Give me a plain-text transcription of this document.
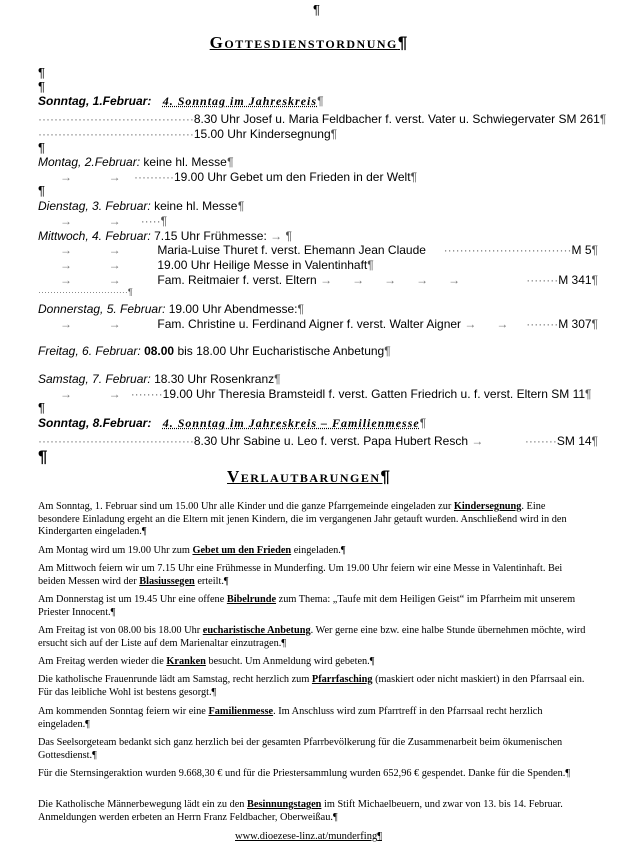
¶
Gottesdienstordnung¶
¶
¶
Sonntag, 1.Februar: 4. Sonntag im Jahreskreis¶
·······································8.30 Uhr Josef u. Maria Feldbacher f. verst. Vater u. Schwiegervater SM 261¶
·······································15.00 Uhr Kindersegnung¶
¶
Montag, 2.Februar: keine hl. Messe¶
→           →    ··········19.00 Uhr Gebet um den Frieden in der Welt¶
¶
Dienstag, 3. Februar: keine hl. Messe¶
→           →      ·····¶
Mittwoch, 4. Februar: 7.15 Uhr Frühmesse: → ¶
→           →           Maria-Luise Thuret f. verst. Ehemann Jean Claude ································M 5¶
→           →           19.00 Uhr Heilige Messe in Valentinhaft¶
→           →           Fam. Reitmaier f. verst. Eltern →      →      →      →      →	········M 341¶
······························¶
Donnerstag, 5. Februar: 19.00 Uhr Abendmesse:¶
→           →           Fam. Christine u. Ferdinand Aigner f. verst. Walter Aigner →      → ········M 307¶
Freitag, 6. Februar: 08.00 bis 18.00 Uhr Eucharistische Anbetung¶
Samstag, 7. Februar: 18.30 Uhr Rosenkranz¶
→           →   ········19.00 Uhr Theresia Bramsteidl f. verst. Gatten Friedrich u. f. verst. Eltern SM 11¶
¶
Sonntag, 8.Februar: 4. Sonntag im Jahreskreis – Familienmesse¶
·······································8.30 Uhr Sabine u. Leo f. verst. Papa Hubert Resch →	········SM 14¶
¶
Verlautbarungen¶
Am Sonntag, 1. Februar sind um 15.00 Uhr alle Kinder und die ganze Pfarrgemeinde eingeladen zur Kindersegnung. Eine besondere Einladung ergeht an die Eltern mit jenen Kindern, die im vergangenen Jahr getauft wurden. Anschließend wird in den Kindergarten eingeladen.¶
Am Montag wird um 19.00 Uhr zum Gebet um den Frieden eingeladen.¶
Am Mittwoch feiern wir um 7.15 Uhr eine Frühmesse in Munderfing. Um 19.00 Uhr feiern wir eine Messe in Valentinhaft. Bei beiden Messen wird der Blasiussegen erteilt.¶
Am Donnerstag ist um 19.45 Uhr eine offene Bibelrunde zum Thema: „Taufe mit dem Heiligen Geist“ im Pfarrheim mit unserem Priester Innocent.¶
Am Freitag ist von 08.00 bis 18.00 Uhr eucharistische Anbetung. Wer gerne eine bzw. eine halbe Stunde übernehmen möchte, wird ersucht sich auf der Liste auf dem Marienaltar einzutragen.¶
Am Freitag werden wieder die Kranken besucht. Um Anmeldung wird gebeten.¶
Die katholische Frauenrunde lädt am Samstag, recht herzlich zum Pfarrfasching (maskiert oder nicht maskiert) in den Pfarrsaal ein. Für das leibliche Wohl ist bestens gesorgt.¶
Am kommenden Sonntag feiern wir eine Familienmesse. Im Anschluss wird zum Pfarrtreff in den Pfarrsaal recht herzlich eingeladen.¶
Das Seelsorgeteam bedankt sich ganz herzlich bei der gesamten Pfarrbevölkerung für die Zusammenarbeit beim ökumenischen Gottesdienst.¶
Für die Sternsingeraktion wurden 9.668,30 € und für die Priestersammlung wurden 652,96 € gespendet. Danke für die Spenden.¶
Die Katholische Männerbewegung lädt ein zu den Besinnungstagen im Stift Michaelbeuern, und zwar von 13. bis 14. Februar. Anmeldungen werden erbeten an Herrn Franz Feldbacher, Oberweißau.¶
www.dioezese-linz.at/munderfing¶
